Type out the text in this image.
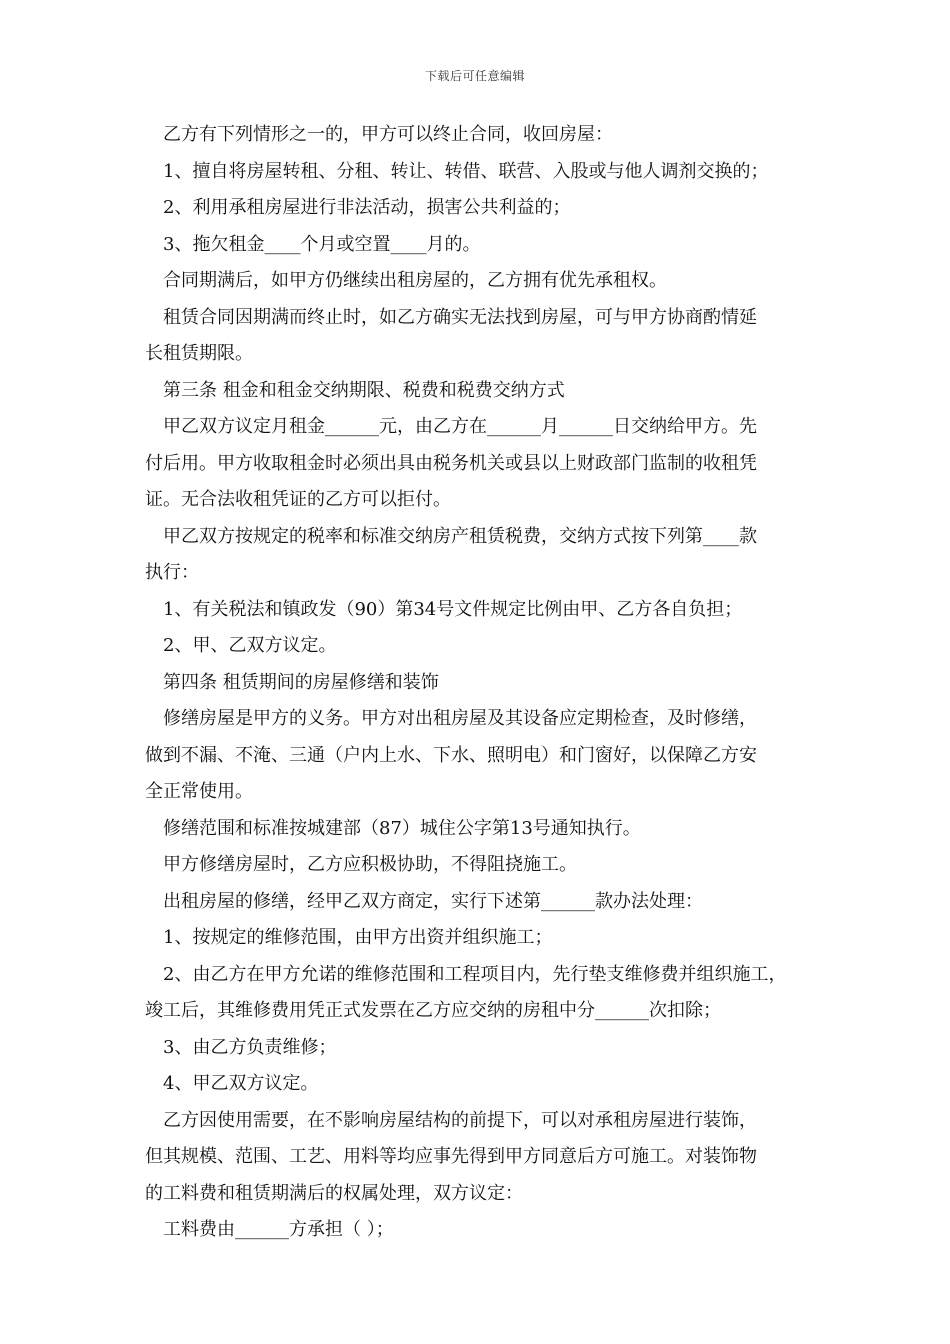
下载后可任意编辑
乙方有下列情形之一的，甲方可以终止合同，收回房屋：
1、擅自将房屋转租、分租、转让、转借、联营、入股或与他人调剂交换的；
2、利用承租房屋进行非法活动，损害公共利益的；
3、拖欠租金____个月或空置____月的。
合同期满后，如甲方仍继续出租房屋的，乙方拥有优先承租权。
租赁合同因期满而终止时，如乙方确实无法找到房屋，可与甲方协商酌情延
长租赁期限。
第三条 租金和租金交纳期限、税费和税费交纳方式
甲乙双方议定月租金______元，由乙方在______月______日交纳给甲方。先
付后用。甲方收取租金时必须出具由税务机关或县以上财政部门监制的收租凭
证。无合法收租凭证的乙方可以拒付。
甲乙双方按规定的税率和标准交纳房产租赁税费，交纳方式按下列第____款
执行：
1、有关税法和镇政发（90）第34号文件规定比例由甲、乙方各自负担；
2、甲、乙双方议定。
第四条 租赁期间的房屋修缮和装饰
修缮房屋是甲方的义务。甲方对出租房屋及其设备应定期检查，及时修缮，
做到不漏、不淹、三通（户内上水、下水、照明电）和门窗好，以保障乙方安
全正常使用。
修缮范围和标准按城建部（87）城住公字第13号通知执行。
甲方修缮房屋时，乙方应积极协助，不得阻挠施工。
出租房屋的修缮，经甲乙双方商定，实行下述第______款办法处理：
1、按规定的维修范围，由甲方出资并组织施工；
2、由乙方在甲方允诺的维修范围和工程项目内，先行垫支维修费并组织施工，
竣工后，其维修费用凭正式发票在乙方应交纳的房租中分______次扣除；
3、由乙方负责维修；
4、甲乙双方议定。
乙方因使用需要，在不影响房屋结构的前提下，可以对承租房屋进行装饰，
但其规模、范围、工艺、用料等均应事先得到甲方同意后方可施工。对装饰物
的工料费和租赁期满后的权属处理，双方议定：
工料费由______方承担（ ）；
